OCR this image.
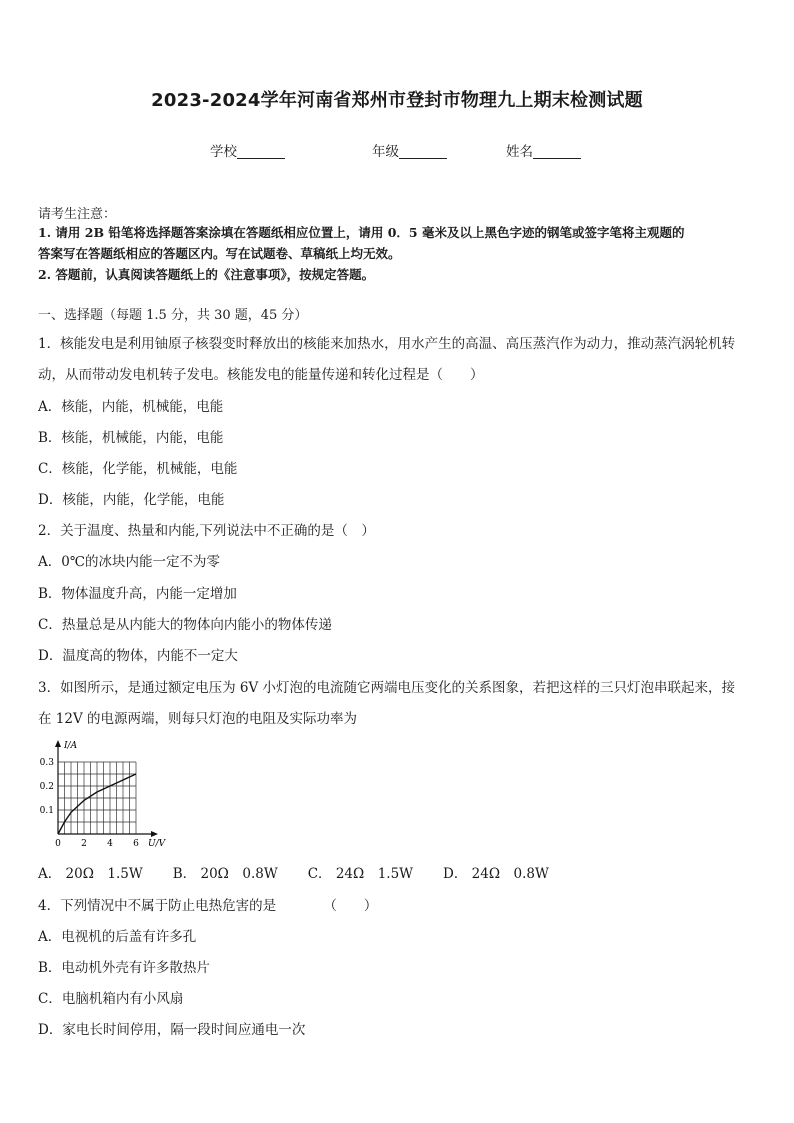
2023-2024学年河南省郑州市登封市物理九上期末检测试题
学校	年级	姓名
请考生注意：
1. 请用 2B 铅笔将选择题答案涂填在答题纸相应位置上，请用 0．5 毫米及以上黑色字迹的钢笔或签字笔将主观题的
答案写在答题纸相应的答题区内。写在试题卷、草稿纸上均无效。
2. 答题前，认真阅读答题纸上的《注意事项》，按规定答题。
一、选择题（每题 1.5 分，共 30 题，45 分）
1．核能发电是利用铀原子核裂变时释放出的核能来加热水，用水产生的高温、高压蒸汽作为动力，推动蒸汽涡轮机转
动，从而带动发电机转子发电。核能发电的能量传递和转化过程是（　　）
A．核能，内能，机械能，电能
B．核能，机械能，内能，电能
C．核能，化学能，机械能，电能
D．核能，内能，化学能，电能
2．关于温度、热量和内能,下列说法中不正确的是（　）
A．0℃的冰块内能一定不为零
B．物体温度升高，内能一定增加
C．热量总是从内能大的物体向内能小的物体传递
D．温度高的物体，内能不一定大
3．如图所示，是通过额定电压为 6V 小灯泡的电流随它两端电压变化的关系图象，若把这样的三只灯泡串联起来，接
在 12V 的电源两端，则每只灯泡的电阻及实际功率为
0 2 4 6
0.1
0.2
0.3
U/V
I/A
A． 20Ω　1.5W B． 20Ω　0.8W C． 24Ω　1.5W D． 24Ω　0.8W
4．下列情况中不属于防止电热危害的是　　　　（　　）
A．电视机的后盖有许多孔
B．电动机外壳有许多散热片
C．电脑机箱内有小风扇
D．家电长时间停用，隔一段时间应通电一次
